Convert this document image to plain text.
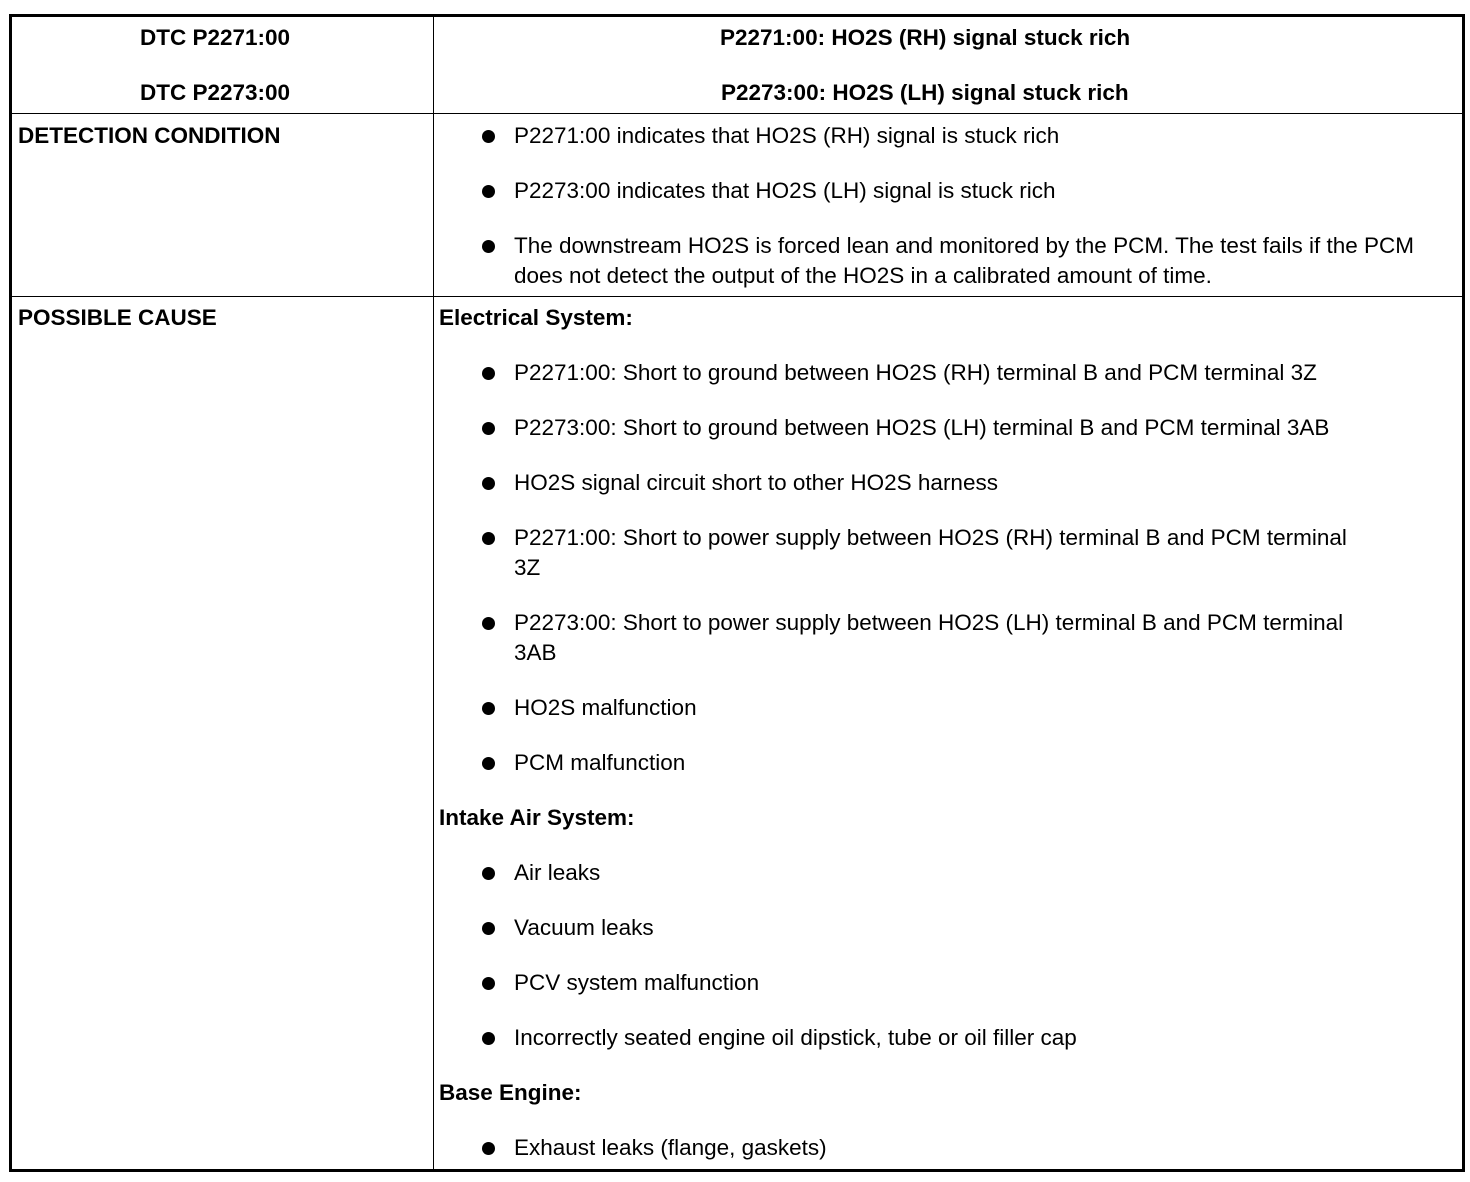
DTC P2271:00
DTC P2273:00
P2271:00: HO2S (RH) signal stuck rich
P2273:00: HO2S (LH) signal stuck rich
DETECTION CONDITION	P2271:00 indicates that HO2S (RH) signal is stuck rich
P2273:00 indicates that HO2S (LH) signal is stuck rich
The downstream HO2S is forced lean and monitored by the PCM. The test fails if the PCM does not detect the output of the HO2S in a calibrated amount of time.
POSSIBLE CAUSE	Electrical System:
P2271:00: Short to ground between HO2S (RH) terminal B and PCM terminal 3Z
P2273:00: Short to ground between HO2S (LH) terminal B and PCM terminal 3AB
HO2S signal circuit short to other HO2S harness
P2271:00: Short to power supply between HO2S (RH) terminal B and PCM terminal 3Z
P2273:00: Short to power supply between HO2S (LH) terminal B and PCM terminal 3AB
HO2S malfunction
PCM malfunction
Intake Air System:
Air leaks
Vacuum leaks
PCV system malfunction
Incorrectly seated engine oil dipstick, tube or oil filler cap
Base Engine:
Exhaust leaks (flange, gaskets)
